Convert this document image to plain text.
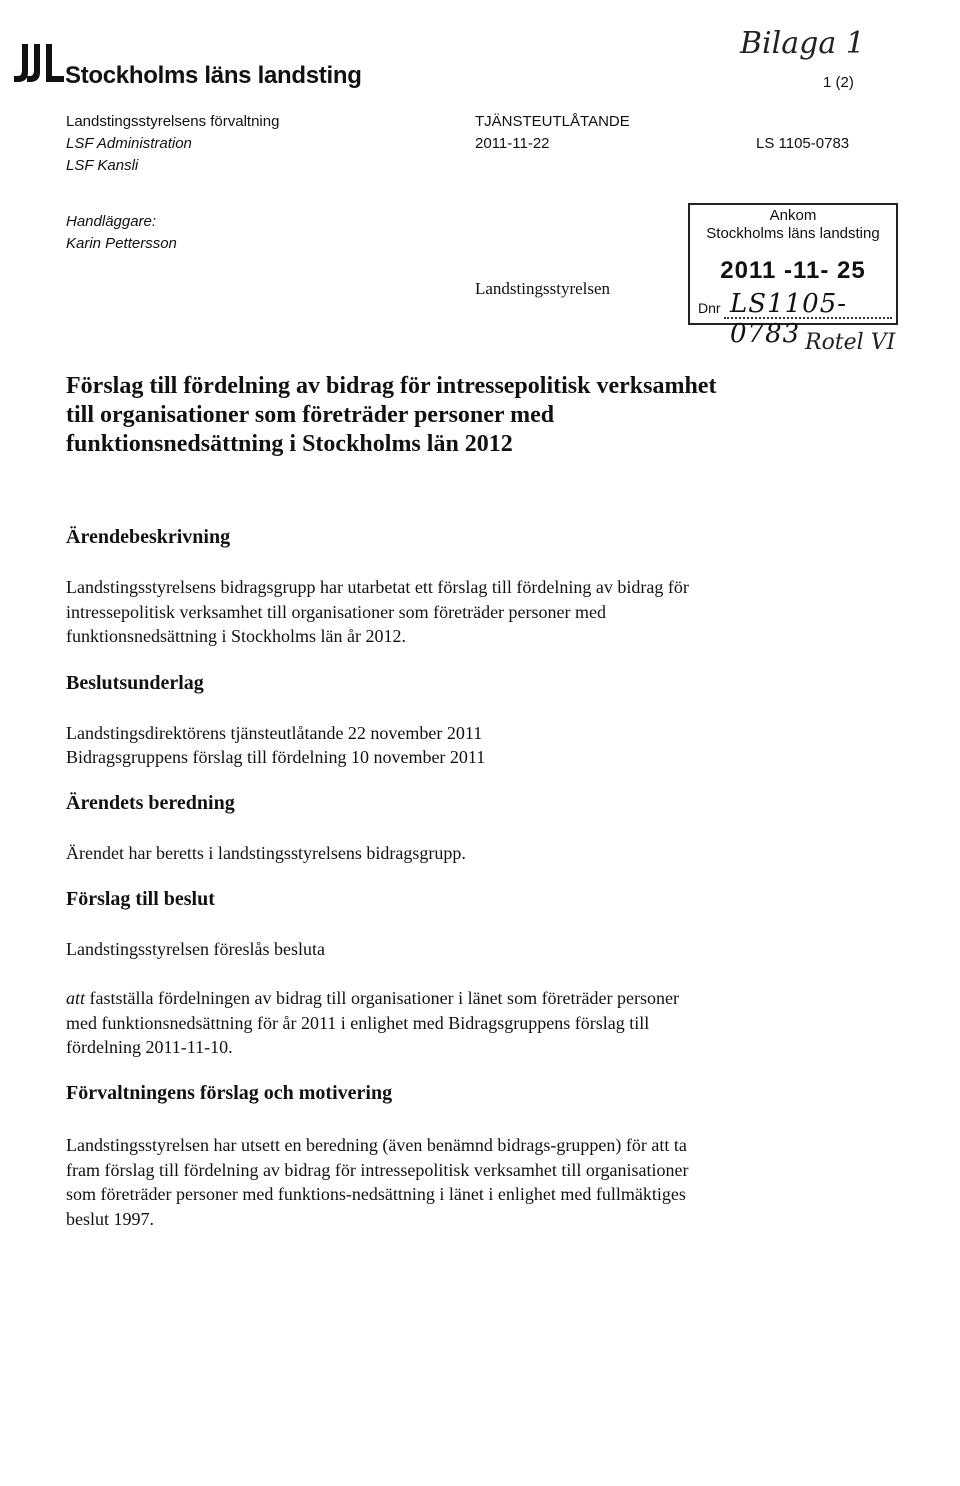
Stockholms läns landsting
Bilaga 1
1 (2)
Landstingsstyrelsens förvaltning
LSF Administration
LSF Kansli
TJÄNSTEUTLÅTANDE
2011-11-22	LS 1105-0783
Handläggare:
Karin Pettersson
Landstingsstyrelsen
Ankom
Stockholms läns landsting
2011 -11- 25
Dnr LS1105-0783 Rotel VI
Förslag till fördelning av bidrag för intressepolitisk verksamhet till organisationer som företräder personer med funktionsnedsättning i Stockholms län 2012
Ärendebeskrivning

Landstingsstyrelsens bidragsgrupp har utarbetat ett förslag till fördelning av bidrag för intressepolitisk verksamhet till organisationer som företräder personer med funktionsnedsättning i Stockholms län år 2012.

Beslutsunderlag

Landstingsdirektörens tjänsteutlåtande 22 november 2011

Bidragsgruppens förslag till fördelning 10 november 2011

Ärendets beredning

Ärendet har beretts i landstingsstyrelsens bidragsgrupp.

Förslag till beslut

Landstingsstyrelsen föreslås besluta

att fastställa fördelningen av bidrag till organisationer i länet som företräder personer med funktionsnedsättning för år 2011 i enlighet med Bidragsgruppens förslag till fördelning 2011-11-10.

Förvaltningens förslag och motivering

Landstingsstyrelsen har utsett en beredning (även benämnd bidrags-gruppen) för att ta fram förslag till fördelning av bidrag för intressepolitisk verksamhet till organisationer som företräder personer med funktions-nedsättning i länet i enlighet med fullmäktiges beslut 1997.
